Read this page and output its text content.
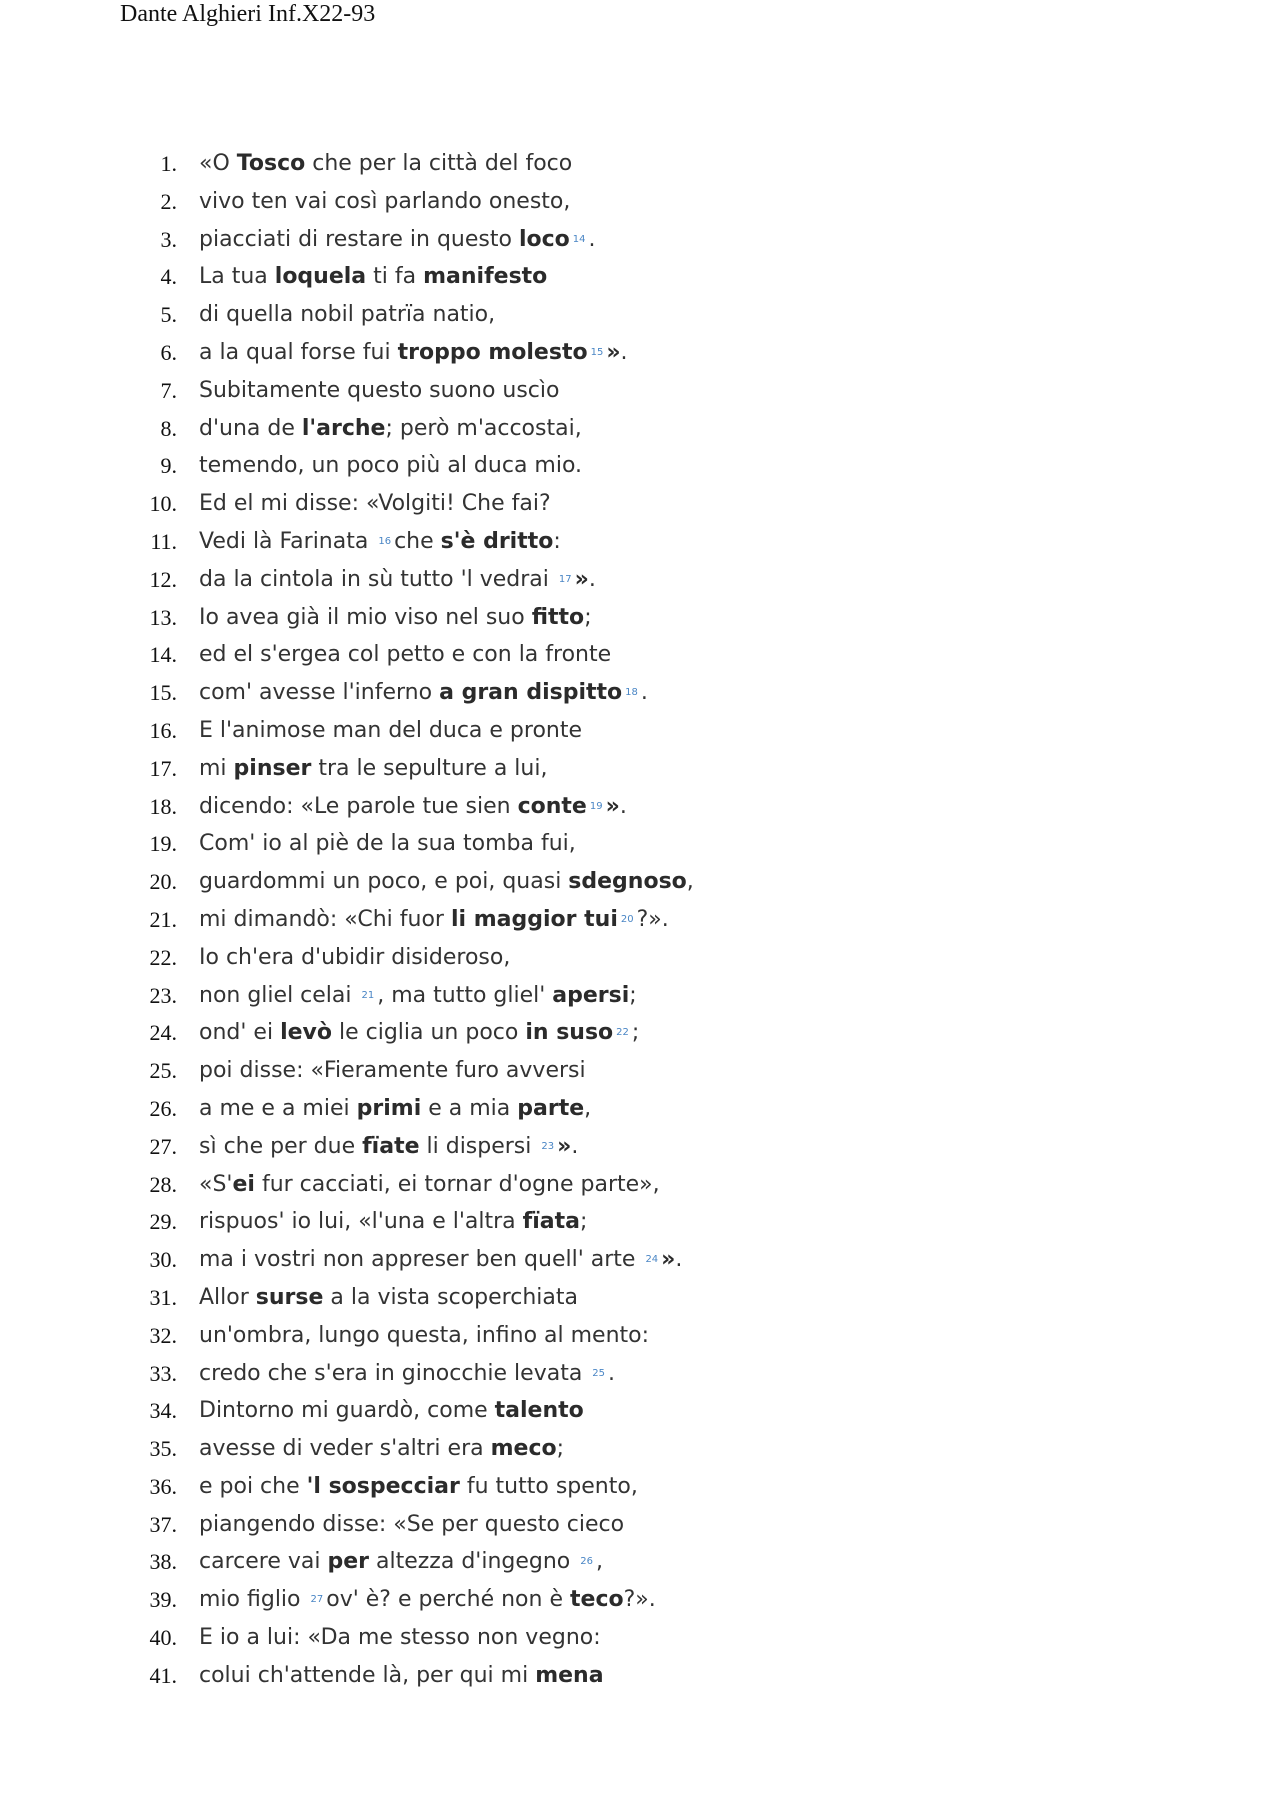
Dante Alghieri Inf.X22-93
1. «O Tosco che per la città del foco
2. vivo ten vai così parlando onesto,
3. piacciati di restare in questo loco $^{14}$ .
4. La tua loquela ti fa manifesto
5. di quella nobil patrïa natio,
6. a la qual forse fui troppo molesto $^{15}$ ».
7. Subitamente questo suono uscìo
8. d'una de l'arche; però m'accostai,
9. temendo, un poco più al duca mio.
10. Ed el mi disse: «Volgiti! Che fai?
11. Vedi là Farinata $^{16}$ che s'è dritto:
12. da la cintola in sù tutto 'l vedrai $^{17}$ ».
13. Io avea già il mio viso nel suo fitto;
14. ed el s'ergea col petto e con la fronte
15. com' avesse l'inferno a gran dispitto $^{18}$ .
16. E l'animose man del duca e pronte
17. mi pinser tra le sepulture a lui,
18. dicendo: «Le parole tue sien conte $^{19}$ ».
19. Com' io al piè de la sua tomba fui,
20. guardommi un poco, e poi, quasi sdegnoso,
21. mi dimandò: «Chi fuor li maggior tui $^{20}$ ?».
22. Io ch'era d'ubidir disideroso,
23. non gliel celai $^{21}$ , ma tutto gliel' apersi;
24. ond' ei levò le ciglia un poco in suso $^{22}$ ;
25. poi disse: «Fieramente furo avversi
26. a me e a miei primi e a mia parte,
27. sì che per due fïate li dispersi $^{23}$ ».
28. «S'ei fur cacciati, ei tornar d'ogne parte»,
29. rispuos' io lui, «l'una e l'altra fïata;
30. ma i vostri non appreser ben quell' arte $^{24}$ ».
31. Allor surse a la vista scoperchiata
32. un'ombra, lungo questa, infino al mento:
33. credo che s'era in ginocchie levata $^{25}$ .
34. Dintorno mi guardò, come talento
35. avesse di veder s'altri era meco;
36. e poi che 'l sospecciar fu tutto spento,
37. piangendo disse: «Se per questo cieco
38. carcere vai per altezza d'ingegno $^{26}$ ,
39. mio figlio $^{27}$ ov' è? e perché non è teco?».
40. E io a lui: «Da me stesso non vegno:
41. colui ch'attende là, per qui mi mena
